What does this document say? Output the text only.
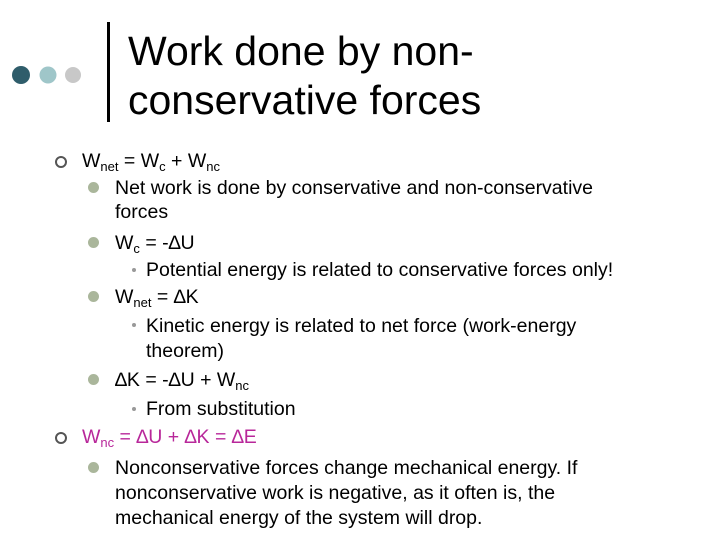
Work done by non-
conservative forces
$W_{net} = W_c + W_{nc}$
Net work is done by conservative and non-conservative
forces
$W_c = -\Delta U$
Potential energy is related to conservative forces only!
$W_{net} = \Delta K$
Kinetic energy is related to net force (work-energy
theorem)
$\Delta K = -\Delta U + W_{nc}$
From substitution
$W_{nc} = \Delta U + \Delta K = \Delta E$
Nonconservative forces change mechanical energy. If
nonconservative work is negative, as it often is, the
mechanical energy of the system will drop.
